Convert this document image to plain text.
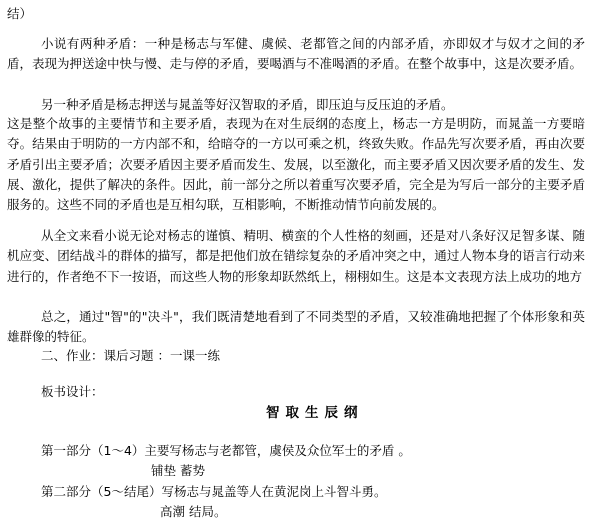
结）
小说有两种矛盾：一种是杨志与军健、虞候、老都管之间的内部矛盾，亦即奴才与奴才之间的矛盾，表现为押送途中快与慢、走与停的矛盾，要喝酒与不准喝酒的矛盾。在整个故事中，这是次要矛盾。
另一种矛盾是杨志押送与晁盖等好汉智取的矛盾，即压迫与反压迫的矛盾。
这是整个故事的主要情节和主要矛盾，表现为在对生辰纲的态度上，杨志一方是明防，而晁盖一方要暗夺。结果由于明防的一方内部不和，给暗夺的一方以可乘之机，终致失败。作品先写次要矛盾，再由次要矛盾引出主要矛盾；次要矛盾因主要矛盾而发生、发展，以至激化，而主要矛盾又因次要矛盾的发生、发展、激化，提供了解决的条件。因此，前一部分之所以着重写次要矛盾，完全是为写后一部分的主要矛盾服务的。这些不同的矛盾也是互相勾联，互相影响，不断推动情节向前发展的。
从全文来看小说无论对杨志的谨慎、精明、横蛮的个人性格的刻画，还是对八条好汉足智多谋、随机应变、团结战斗的群体的描写，都是把他们放在错综复杂的矛盾冲突之中，通过人物本身的语言行动来进行的，作者绝不下一按语，而这些人物的形象却跃然纸上，栩栩如生。这是本文表现方法上成功的地方
总之，通过"智"的"决斗"，我们既清楚地看到了不同类型的矛盾，又较准确地把握了个体形象和英雄群像的特征。
二、作业：课后习题 ：一课一练
板书设计：
智取生辰纲
第一部分（1～4）主要写杨志与老都管，虞侯及众位军士的矛盾 。
铺垫 蓄势
第二部分（5～结尾）写杨志与晁盖等人在黄泥岗上斗智斗勇。
高潮 结局。
